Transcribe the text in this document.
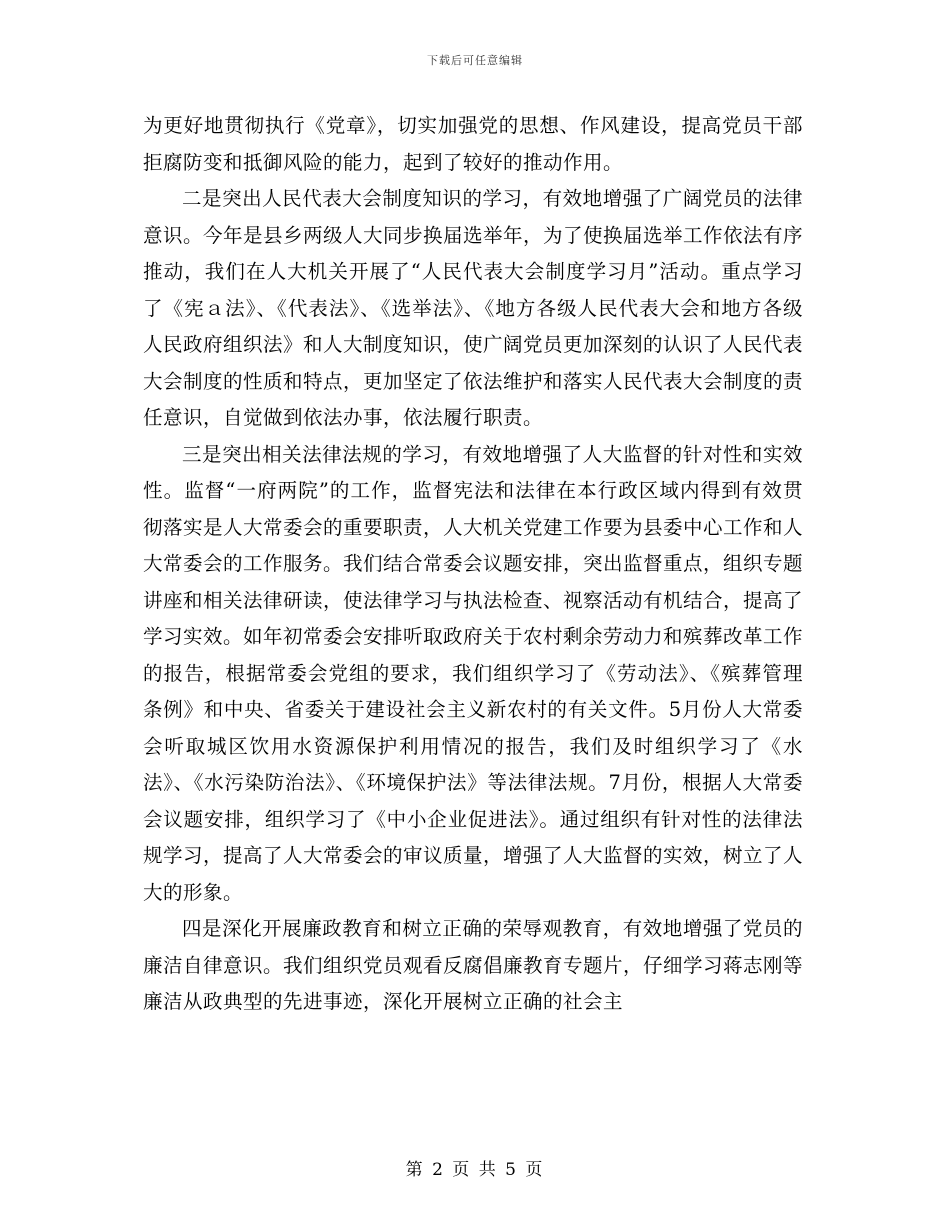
下载后可任意编辑

为更好地贯彻执行《党章》，切实加强党的思想、作风建设，提高党员干部拒腐防变和抵御风险的能力，起到了较好的推动作用。

二是突出人民代表大会制度知识的学习，有效地增强了广阔党员的法律意识。今年是县乡两级人大同步换届选举年，为了使换届选举工作依法有序推动，我们在人大机关开展了“人民代表大会制度学习月”活动。重点学习了《宪ａ法》、《代表法》、《选举法》、《地方各级人民代表大会和地方各级人民政府组织法》和人大制度知识，使广阔党员更加深刻的认识了人民代表大会制度的性质和特点，更加坚定了依法维护和落实人民代表大会制度的责任意识，自觉做到依法办事，依法履行职责。

三是突出相关法律法规的学习，有效地增强了人大监督的针对性和实效性。监督“一府两院”的工作，监督宪法和法律在本行政区域内得到有效贯彻落实是人大常委会的重要职责，人大机关党建工作要为县委中心工作和人大常委会的工作服务。我们结合常委会议题安排，突出监督重点，组织专题讲座和相关法律研读，使法律学习与执法检查、视察活动有机结合，提高了学习实效。如年初常委会安排听取政府关于农村剩余劳动力和殡葬改革工作的报告，根据常委会党组的要求，我们组织学习了《劳动法》、《殡葬管理条例》和中央、省委关于建设社会主义新农村的有关文件。5月份人大常委会听取城区饮用水资源保护利用情况的报告，我们及时组织学习了《水法》、《水污染防治法》、《环境保护法》等法律法规。7月份，根据人大常委会议题安排，组织学习了《中小企业促进法》。通过组织有针对性的法律法规学习，提高了人大常委会的审议质量，增强了人大监督的实效，树立了人大的形象。

四是深化开展廉政教育和树立正确的荣辱观教育，有效地增强了党员的廉洁自律意识。我们组织党员观看反腐倡廉教育专题片，仔细学习蒋志刚等廉洁从政典型的先进事迹，深化开展树立正确的社会主

第 2 页 共 5 页
